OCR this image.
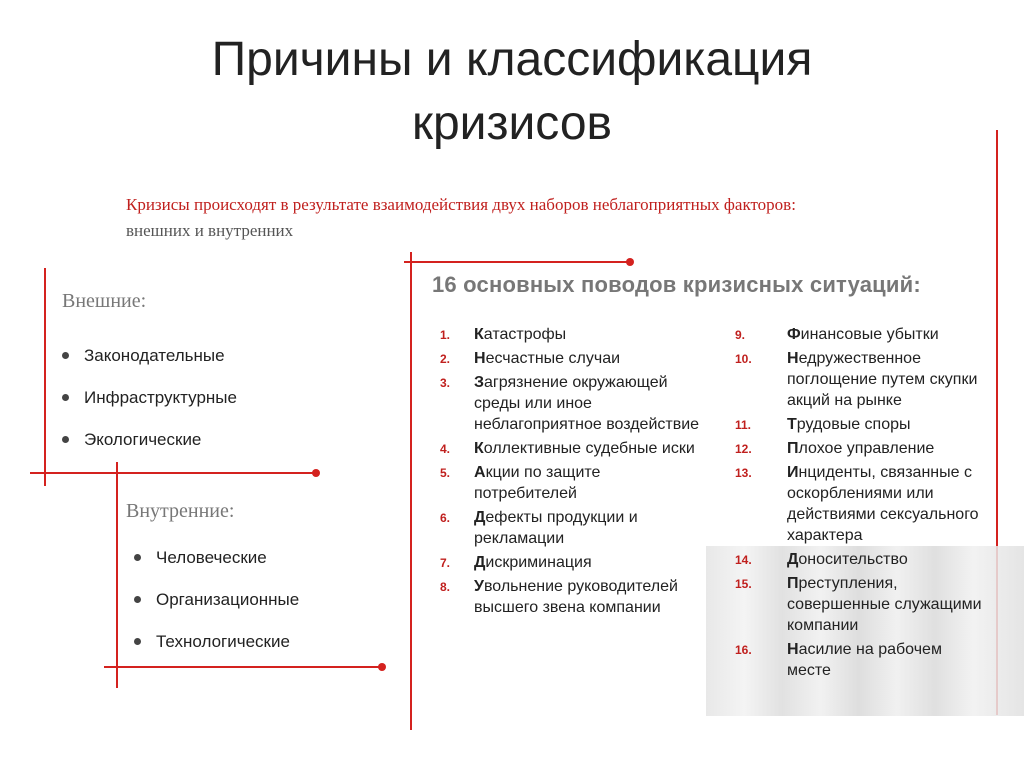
Причины и классификация
кризисов
Кризисы происходят в результате взаимодействия двух наборов неблагоприятных факторов:
внешних и внутренних
Внешние:
Законодательные
Инфраструктурные
Экологические
Внутренние:
Человеческие
Организационные
Технологические
16 основных поводов кризисных ситуаций:
1. Катастрофы
2. Несчастные случаи
3. Загрязнение окружающей среды или иное неблагоприятное воздействие
4. Коллективные судебные иски
5. Акции по защите потребителей
6. Дефекты продукции и рекламации
7. Дискриминация
8. Увольнение руководителей высшего звена компании
9.	Финансовые убытки
10. Недружественное поглощение путем скупки акций на рынке
11. Трудовые споры
12. Плохое управление
13. Инциденты, связанные с оскорблениями или действиями сексуального характера
14. Доносительство
15. Преступления, совершенные служащими компании
16. Насилие на рабочем месте
